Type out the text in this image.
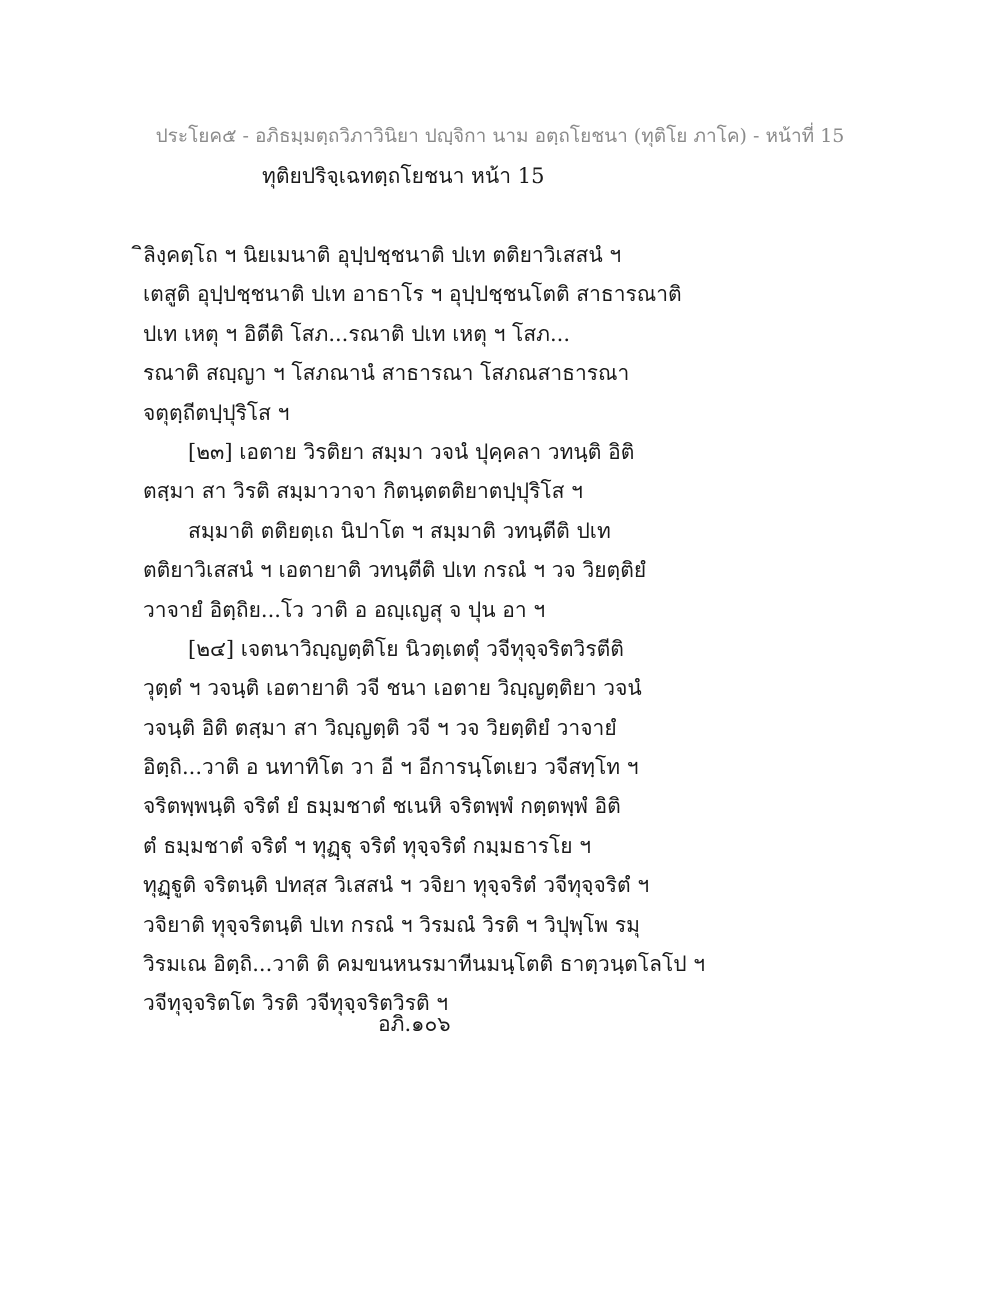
ประโยค๕ - อภิธมฺมตฺถวิภาวินิยา ปญฺจิกา นาม อตฺถโยชนา (ทุติโย ภาโค) - หน้าที่ 15
ทุติยปริจฺเฉทตฺถโยชนา หน้า 15
ิลิงฺคตฺโถ ฯ นิยเมนาติ อุปฺปชฺชนาติ ปเท ตติยาวิเสสนํ ฯ
เตสูติ อุปฺปชฺชนาติ ปเท อาธาโร ฯ อุปฺปชฺชนโตติ สาธารณาติ
ปเท เหตุ ฯ อิตีติ โสภ...รณาติ ปเท เหตุ ฯ โสภ...
รณาติ สญฺญา ฯ โสภณานํ สาธารณา โสภณสาธารณา
จตุตฺถีตปฺปุริโส ฯ
[๒๓] เอตาย วิรติยา สมฺมา วจนํ ปุคฺคลา วทนฺติ อิติ
ตสฺมา สา วิรติ สมฺมาวาจา กิตนฺตตติยาตปฺปุริโส ฯ
สมฺมาติ ตติยตฺเถ นิปาโต ฯ สมฺมาติ วทนฺตีติ ปเท
ตติยาวิเสสนํ ฯ เอตายาติ วทนฺตีติ ปเท กรณํ ฯ วจ วิยตฺติยํ
วาจายํ อิตฺถิย...โว วาติ อ อญฺเญสุ จ ปุน อา ฯ
[๒๔] เจตนาวิญฺญตฺติโย นิวตฺเตตุํ วจีทุจฺจริตวิรตีติ
วุตฺตํ ฯ วจนฺติ เอตายาติ วจี ชนา เอตาย วิญฺญตฺติยา วจนํ
วจนฺติ อิติ ตสฺมา สา วิญฺญตฺติ วจี ฯ วจ วิยตฺติยํ วาจายํ
อิตฺถิ...วาติ อ นทาทิโต วา อี ฯ อีการนฺโตเยว วจีสทฺโท ฯ
จริตพฺพนฺติ จริตํ ยํ ธมฺมชาตํ ชเนหิ จริตพฺพํ กตฺตพฺพํ อิติ
ตํ ธมฺมชาตํ จริตํ ฯ ทุฏฺฐุ จริตํ ทุจฺจริตํ กมฺมธารโย ฯ
ทุฏฺฐูติ จริตนฺติ ปทสฺส วิเสสนํ ฯ วจิยา ทุจฺจริตํ วจีทุจฺจริตํ ฯ
วจิยาติ ทุจฺจริตนฺติ ปเท กรณํ ฯ วิรมณํ วิรติ ฯ วิปุพฺโพ รมุ
วิรมเณ อิตฺถิ...วาติ ติ คมขนหนรมาทีนมนฺโตติ ธาตฺวนฺตโลโป ฯ
วจีทุจฺจริตโต วิรติ วจีทุจฺจริตวิรติ ฯ
อภิ.๑๐๖
